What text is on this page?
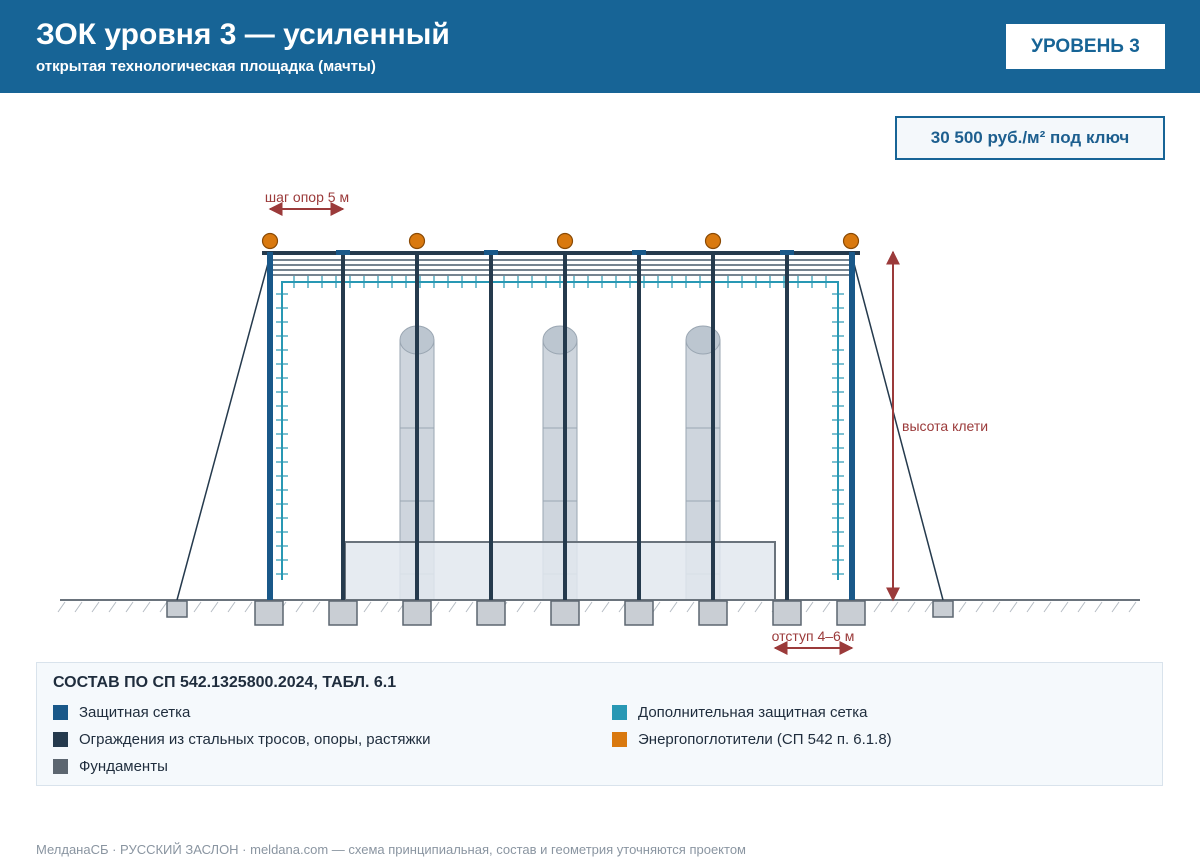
ЗОК уровня 3 — усиленный
открытая технологическая площадка (мачты)
УРОВЕНЬ 3
30 500 руб./м² под ключ
шаг опор 5 м
высота клети
отступ 4–6 м
СОСТАВ ПО СП 542.1325800.2024, ТАБЛ. 6.1
Защитная сетка
Ограждения из стальных тросов, опоры, растяжки
Фундаменты
Дополнительная защитная сетка
Энергопоглотители (СП 542 п. 6.1.8)
МелданаСБ · РУССКИЙ ЗАСЛОН · meldana.com — схема принципиальная, состав и геометрия уточняются проектом
